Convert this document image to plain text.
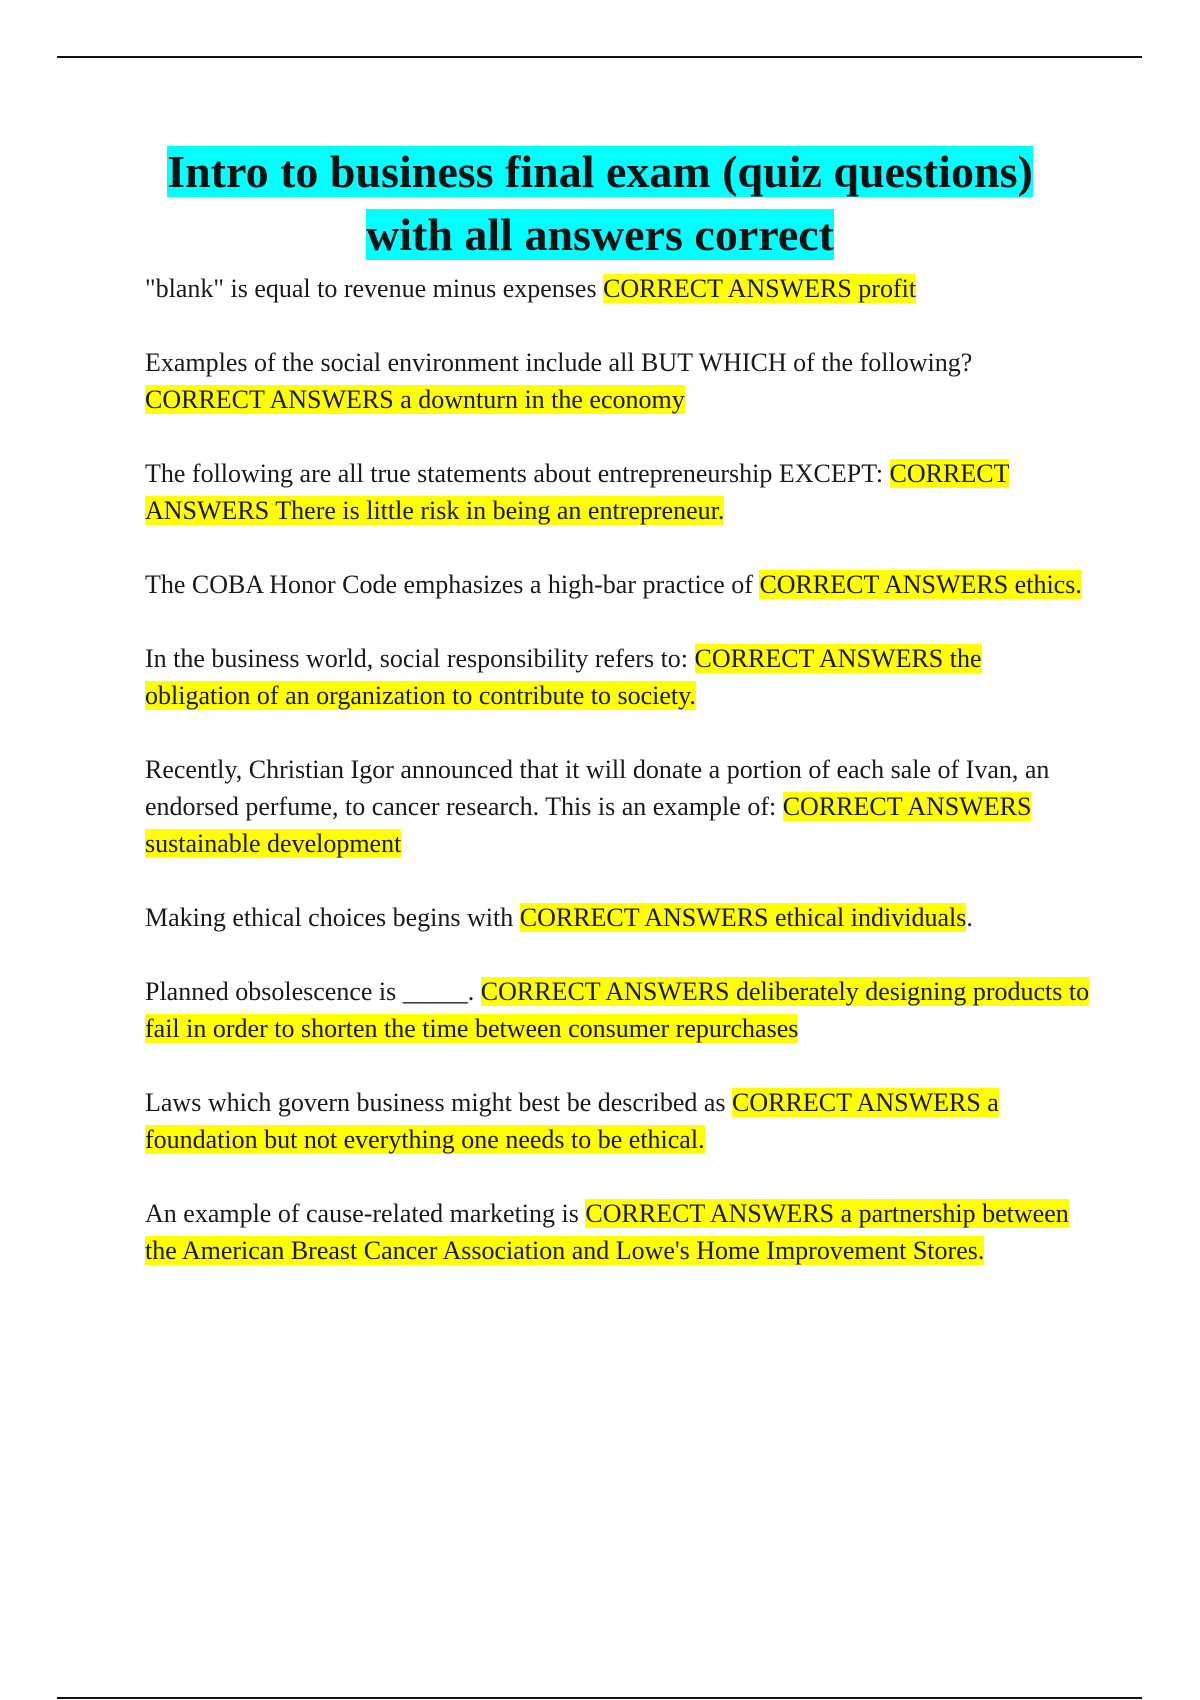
Intro to business final exam (quiz questions)
with all answers correct

"blank" is equal to revenue minus expenses CORRECT ANSWERS profit

Examples of the social environment include all BUT WHICH of the following? CORRECT ANSWERS a downturn in the economy

The following are all true statements about entrepreneurship EXCEPT: CORRECT ANSWERS There is little risk in being an entrepreneur.

The COBA Honor Code emphasizes a high-bar practice of CORRECT ANSWERS ethics.

In the business world, social responsibility refers to: CORRECT ANSWERS the obligation of an organization to contribute to society.

Recently, Christian Igor announced that it will donate a portion of each sale of Ivan, an endorsed perfume, to cancer research. This is an example of: CORRECT ANSWERS sustainable development

Making ethical choices begins with CORRECT ANSWERS ethical individuals.

Planned obsolescence is _____. CORRECT ANSWERS deliberately designing products to fail in order to shorten the time between consumer repurchases

Laws which govern business might best be described as CORRECT ANSWERS a foundation but not everything one needs to be ethical.

An example of cause-related marketing is CORRECT ANSWERS a partnership between the American Breast Cancer Association and Lowe's Home Improvement Stores.
